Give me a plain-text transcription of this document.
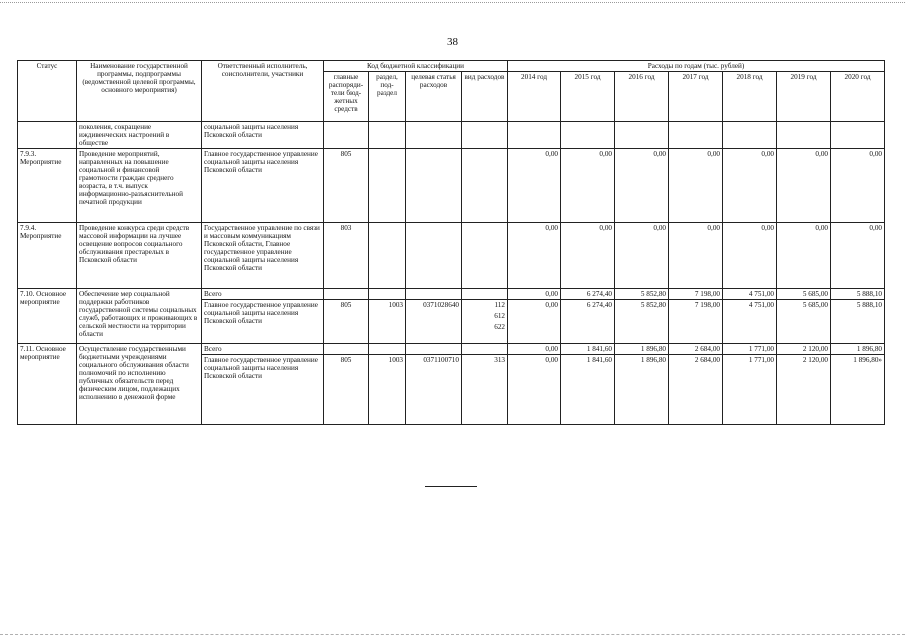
38
Статус	Наименование государственной программы, подпрограммы (ведомственной целевой программы, основного мероприятия)	Ответственный исполнитель, соисполнители, участники	Код бюджетной классификации				Расходы по годам (тыс. рублей)						
			главные распоряди-тели бюд-жетных средств	раздел, под-раздел	целевая статья расходов	вид расходов	2014 год	2015 год	2016 год	2017 год	2018 год	2019 год	2020 год
	поколения, сокращение иждивенческих настроений в обществе	социальной защиты населения Псковской области											
7.9.3. Мероприятие	Проведение мероприятий, направленных на повышение социальной и финансовой грамотности граждан среднего возраста, в т.ч. выпуск информационно-разъяснительной печатной продукции	Главное государственное управление социальной защиты населения Псковской области	805				0,00	0,00	0,00	0,00	0,00	0,00	0,00
7.9.4. Мероприятие	Проведение конкурса среди средств массовой информации на лучшее освещение вопросов социального обслуживания престарелых в Псковской области	Государственное управление по связи и массовым коммуникациям Псковской области, Главное государственное управление социальной защиты населения Псковской области	803				0,00	0,00	0,00	0,00	0,00	0,00	0,00
7.10. Основное мероприятие	Обеспечение мер социальной поддержки работников государственной системы социальных служб, работающих и проживающих в сельской местности на территории области	Всего					0,00	6 274,40	5 852,80	7 198,00	4 751,00	5 685,00	5 888,10
		Главное государственное управление социальной защиты населения Псковской области	805	1003	0371028640	112
612
622	0,00	6 274,40	5 852,80	7 198,00	4 751,00	5 685,00	5 888,10
7.11. Основное мероприятие	Осуществление государственными бюджетными учреждениями социального обслуживания области полномочий по исполнению публичных обязательств перед физическим лицом, подлежащих исполнению в денежной форме	Всего					0,00	1 841,60	1 896,80	2 684,00	1 771,00	2 120,00	1 896,80
		Главное государственное управление социальной защиты населения Псковской области	805	1003	0371100710	313	0,00	1 841,60	1 896,80	2 684,00	1 771,00	2 120,00	1 896,80»
